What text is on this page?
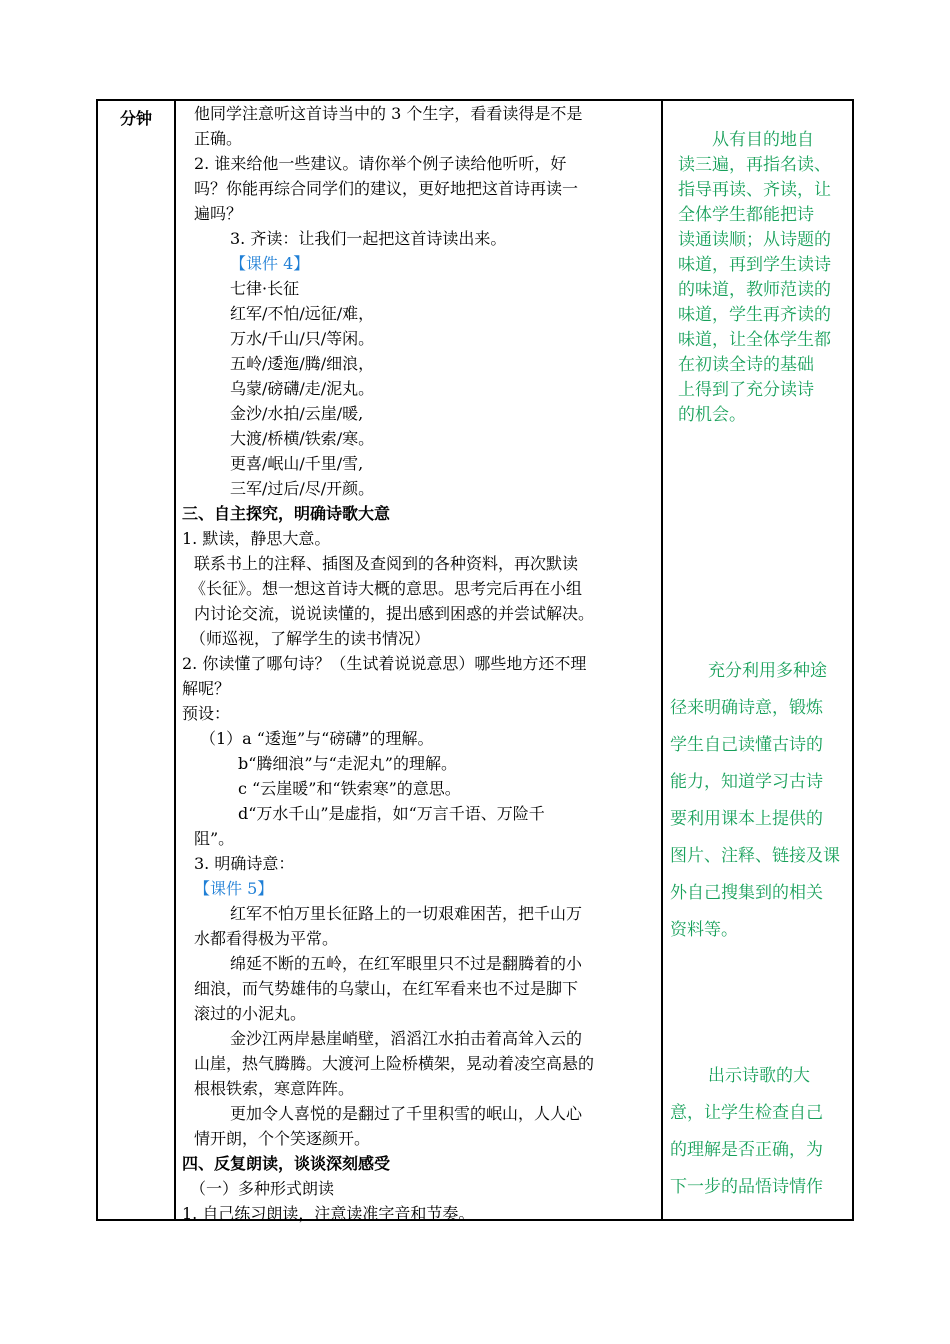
分钟	他同学注意听这首诗当中的 3 个生字，看看读得是不是
正确。
2. 谁来给他一些建议。请你举个例子读给他听听，好
吗？你能再综合同学们的建议，更好地把这首诗再读一
遍吗？
3. 齐读：让我们一起把这首诗读出来。
【课件 4】
七律·长征
红军/不怕/远征/难，
万水/千山/只/等闲。
五岭/逶迤/腾/细浪，
乌蒙/磅礴/走/泥丸。
金沙/水拍/云崖/暖,
大渡/桥横/铁索/寒。
更喜/岷山/千里/雪,
三军/过后/尽/开颜。
三、自主探究，明确诗歌大意
1. 默读，静思大意。
联系书上的注释、插图及查阅到的各种资料，再次默读
《长征》。想一想这首诗大概的意思。思考完后再在小组
内讨论交流，说说读懂的，提出感到困惑的并尝试解决。
（师巡视，了解学生的读书情况）
2. 你读懂了哪句诗？（生试着说说意思）哪些地方还不理
解呢？
预设：
（1）a “逶迤”与“磅礴”的理解。
b“腾细浪”与“走泥丸”的理解。
c “云崖暖”和“铁索寒”的意思。
d“万水千山”是虚指，如“万言千语、万险千
阻”。
3. 明确诗意：
【课件 5】
红军不怕万里长征路上的一切艰难困苦，把千山万
水都看得极为平常。
绵延不断的五岭，在红军眼里只不过是翻腾着的小
细浪，而气势雄伟的乌蒙山，在红军看来也不过是脚下
滚过的小泥丸。
金沙江两岸悬崖峭壁，滔滔江水拍击着高耸入云的
山崖，热气腾腾。大渡河上险桥横架，晃动着凌空高悬的
根根铁索，寒意阵阵。
更加令人喜悦的是翻过了千里积雪的岷山，人人心
情开朗，个个笑逐颜开。
四、反复朗读，谈谈深刻感受
（一）多种形式朗读
1. 自己练习朗读，注意读准字音和节奏。
从有目的地自
读三遍，再指名读、
指导再读、齐读，让
全体学生都能把诗
读通读顺；从诗题的
味道，再到学生读诗
的味道，教师范读的
味道，学生再齐读的
味道，让全体学生都
在初读全诗的基础
上得到了充分读诗
的机会。
充分利用多种途
径来明确诗意，锻炼
学生自己读懂古诗的
能力，知道学习古诗
要利用课本上提供的
图片、注释、链接及课
外自己搜集到的相关
资料等。
出示诗歌的大
意，让学生检查自己
的理解是否正确，为
下一步的品悟诗情作
